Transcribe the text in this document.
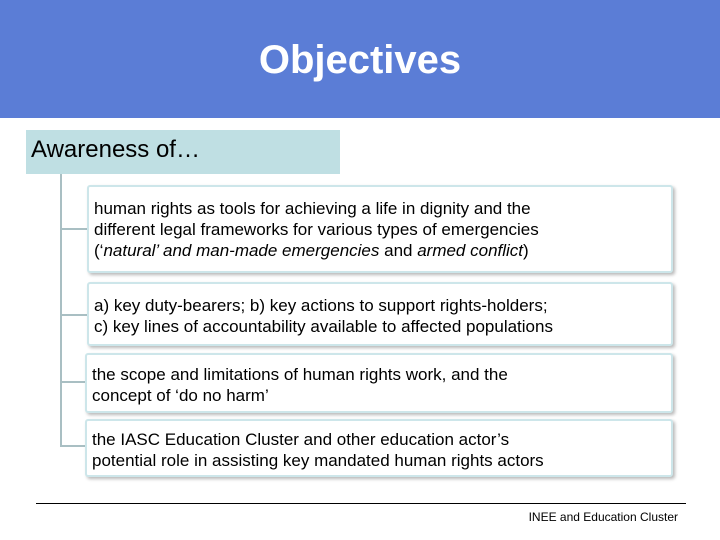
Objectives
Awareness of…
human rights as tools for achieving a life in dignity and the
different legal frameworks for various types of emergencies
(‘natural’ and man-made emergencies and armed conflict)
a) key duty-bearers; b) key actions to support rights-holders;
c) key lines of accountability available to affected populations
the scope and limitations of human rights work, and the
concept of ‘do no harm’
the IASC Education Cluster and other education actor’s
potential role in assisting key mandated human rights actors
INEE and Education Cluster
